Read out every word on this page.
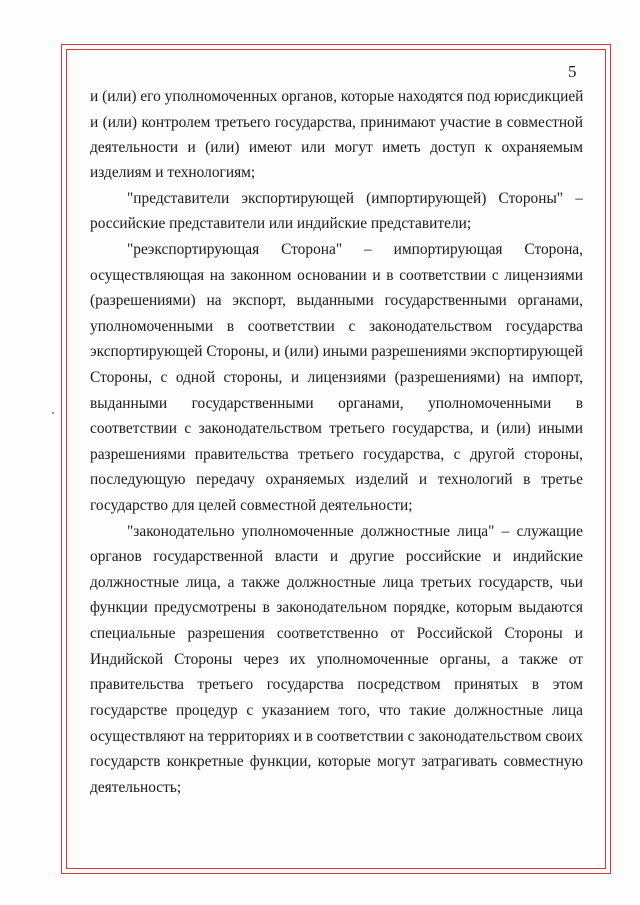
5
и (или) его уполномоченных органов, которые находятся под юрисдикцией
и (или) контролем третьего государства, принимают участие в совместной
деятельности и (или) имеют или могут иметь доступ к охраняемым
изделиям и технологиям;
"представители экспортирующей (импортирующей) Стороны" –
российские представители или индийские представители;
"реэкспортирующая Сторона" – импортирующая Сторона,
осуществляющая на законном основании и в соответствии с лицензиями
(разрешениями) на экспорт, выданными государственными органами,
уполномоченными в соответствии с законодательством государства
экспортирующей Стороны, и (или) иными разрешениями экспортирующей
Стороны, с одной стороны, и лицензиями (разрешениями) на импорт,
выданными государственными органами, уполномоченными в
соответствии с законодательством третьего государства, и (или) иными
разрешениями правительства третьего государства, с другой стороны,
последующую передачу охраняемых изделий и технологий в третье
государство для целей совместной деятельности;
"законодательно уполномоченные должностные лица" – служащие
органов государственной власти и другие российские и индийские
должностные лица, а также должностные лица третьих государств, чьи
функции предусмотрены в законодательном порядке, которым выдаются
специальные разрешения соответственно от Российской Стороны и
Индийской Стороны через их уполномоченные органы, а также от
правительства третьего государства посредством принятых в этом
государстве процедур с указанием того, что такие должностные лица
осуществляют на территориях и в соответствии с законодательством своих
государств конкретные функции, которые могут затрагивать совместную
деятельность;
